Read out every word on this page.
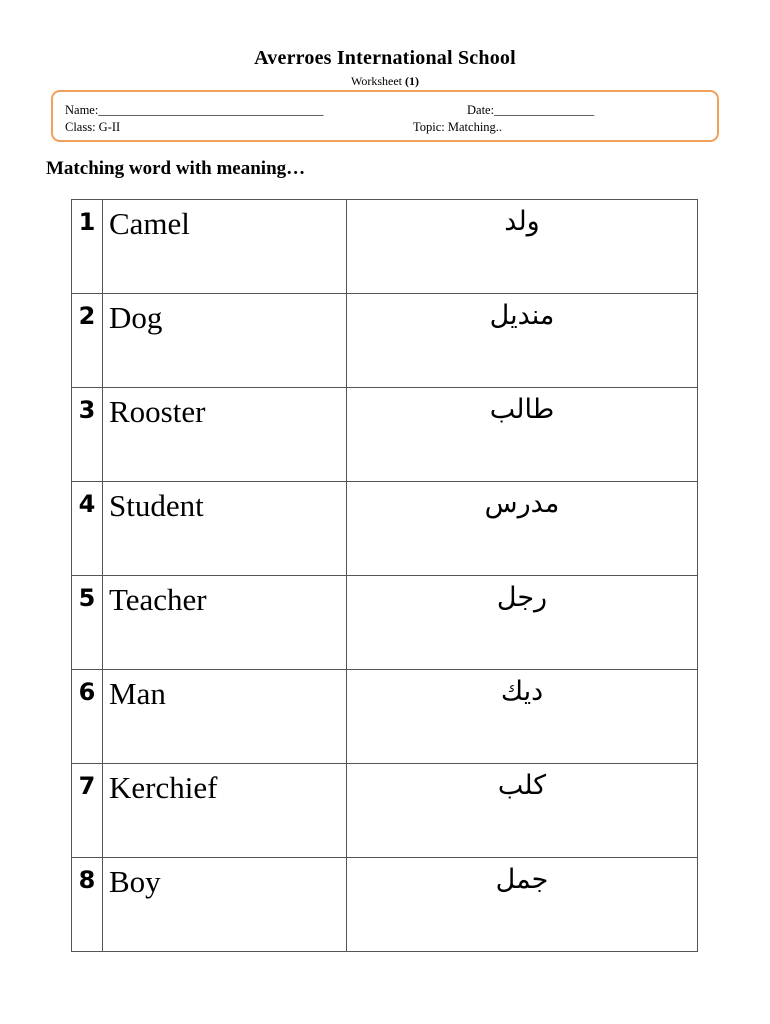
Averroes International School
Worksheet (1)
Name:____________________________________	Date:________________
Class: G-II	Topic: Matching..
Matching word with meaning…
1	Camel	ولد
2	Dog	منديل
3	Rooster	طالب
4	Student	مدرس
5	Teacher	رجل
6	Man	ديك
7	Kerchief	كلب
8	Boy	جمل
